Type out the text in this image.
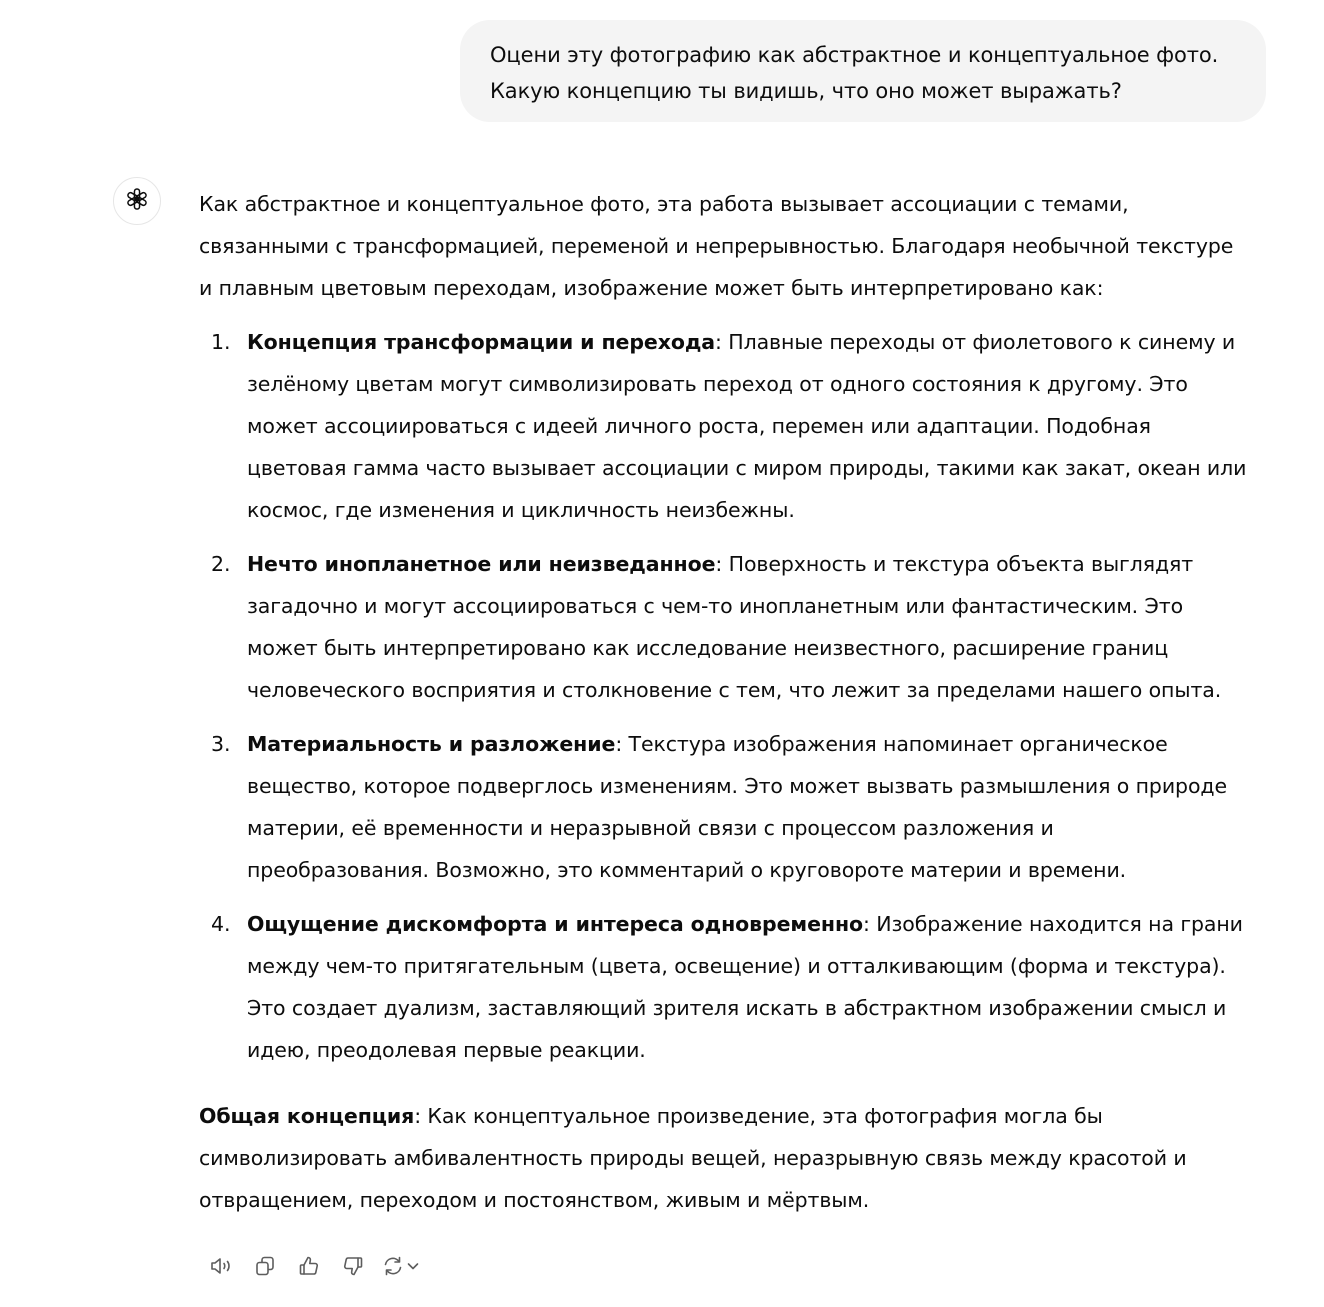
Оцени эту фотографию как абстрактное и концептуальное фото.

Какую концепцию ты видишь, что оно может выражать?

Как абстрактное и концептуальное фото, эта работа вызывает ассоциации с темами,
связанными с трансформацией, переменой и непрерывностью. Благодаря необычной текстуре
и плавным цветовым переходам, изображение может быть интерпретировано как:
1. Концепция трансформации и перехода: Плавные переходы от фиолетового к синему и
зелёному цветам могут символизировать переход от одного состояния к другому. Это
может ассоциироваться с идеей личного роста, перемен или адаптации. Подобная
цветовая гамма часто вызывает ассоциации с миром природы, такими как закат, океан или
космос, где изменения и цикличность неизбежны.
2. Нечто инопланетное или неизведанное: Поверхность и текстура объекта выглядят
загадочно и могут ассоциироваться с чем-то инопланетным или фантастическим. Это
может быть интерпретировано как исследование неизвестного, расширение границ
человеческого восприятия и столкновение с тем, что лежит за пределами нашего опыта.
3. Материальность и разложение: Текстура изображения напоминает органическое
вещество, которое подверглось изменениям. Это может вызвать размышления о природе
материи, её временности и неразрывной связи с процессом разложения и
преобразования. Возможно, это комментарий о круговороте материи и времени.
4. Ощущение дискомфорта и интереса одновременно: Изображение находится на грани
между чем-то притягательным (цвета, освещение) и отталкивающим (форма и текстура).
Это создает дуализм, заставляющий зрителя искать в абстрактном изображении смысл и
идею, преодолевая первые реакции.
Общая концепция: Как концептуальное произведение, эта фотография могла бы
символизировать амбивалентность природы вещей, неразрывную связь между красотой и
отвращением, переходом и постоянством, живым и мёртвым.
